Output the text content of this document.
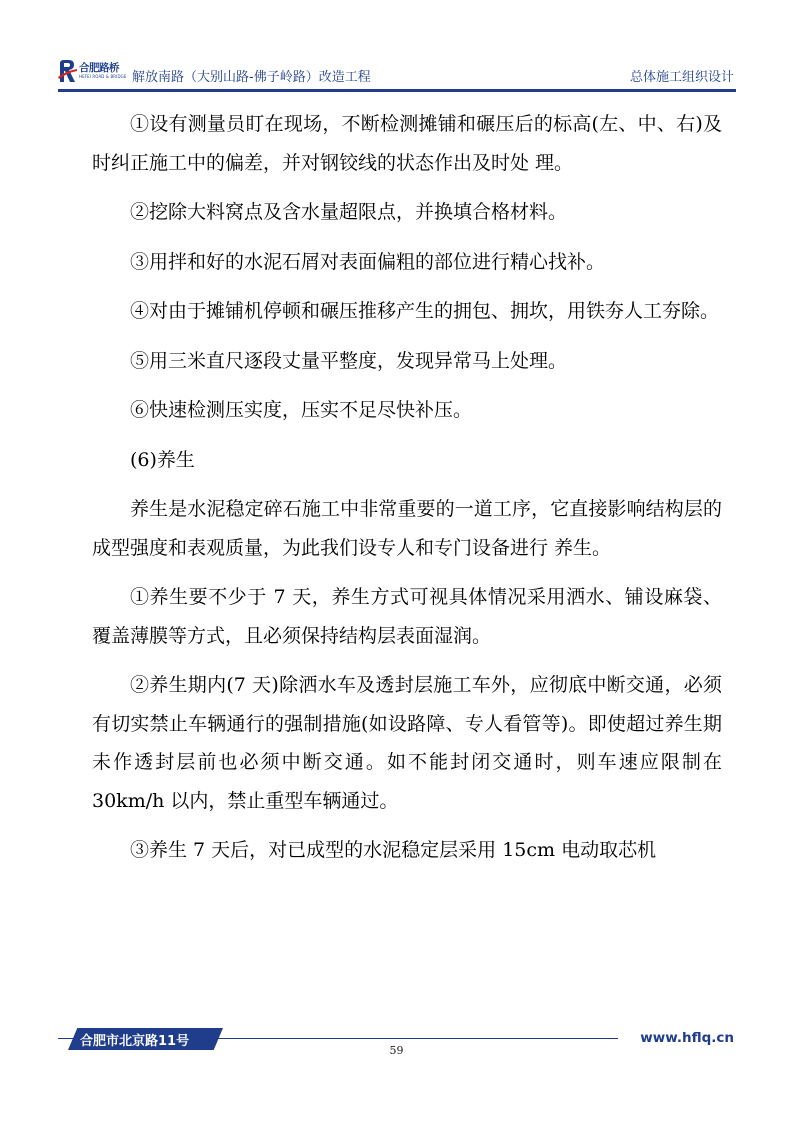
合肥路桥
HEFEI ROAD & BRIDGE 解放南路（大别山路-佛子岭路）改造工程	总体施工组织设计

①设有测量员盯在现场，不断检测摊铺和碾压后的标高(左、中、右)及时纠正施工中的偏差，并对钢铰线的状态作出及时处 理。

②挖除大料窝点及含水量超限点，并换填合格材料。

③用拌和好的水泥石屑对表面偏粗的部位进行精心找补。

④对由于摊铺机停顿和碾压推移产生的拥包、拥坎，用铁夯人工夯除。

⑤用三米直尺逐段丈量平整度，发现异常马上处理。

⑥快速检测压实度，压实不足尽快补压。

(6)养生

养生是水泥稳定碎石施工中非常重要的一道工序，它直接影响结构层的成型强度和表观质量，为此我们设专人和专门设备进行 养生。

①养生要不少于 7 天，养生方式可视具体情况采用洒水、铺设麻袋、覆盖薄膜等方式，且必须保持结构层表面湿润。

②养生期内(7 天)除洒水车及透封层施工车外，应彻底中断交通，必须有切实禁止车辆通行的强制措施(如设路障、专人看管等)。即使超过养生期未作透封层前也必须中断交通。如不能封闭交通时，则车速应限制在 30km/h 以内，禁止重型车辆通过。

③养生 7 天后，对已成型的水泥稳定层采用 15cm 电动取芯机

合肥市北京路11号	www.hflq.cn
59
